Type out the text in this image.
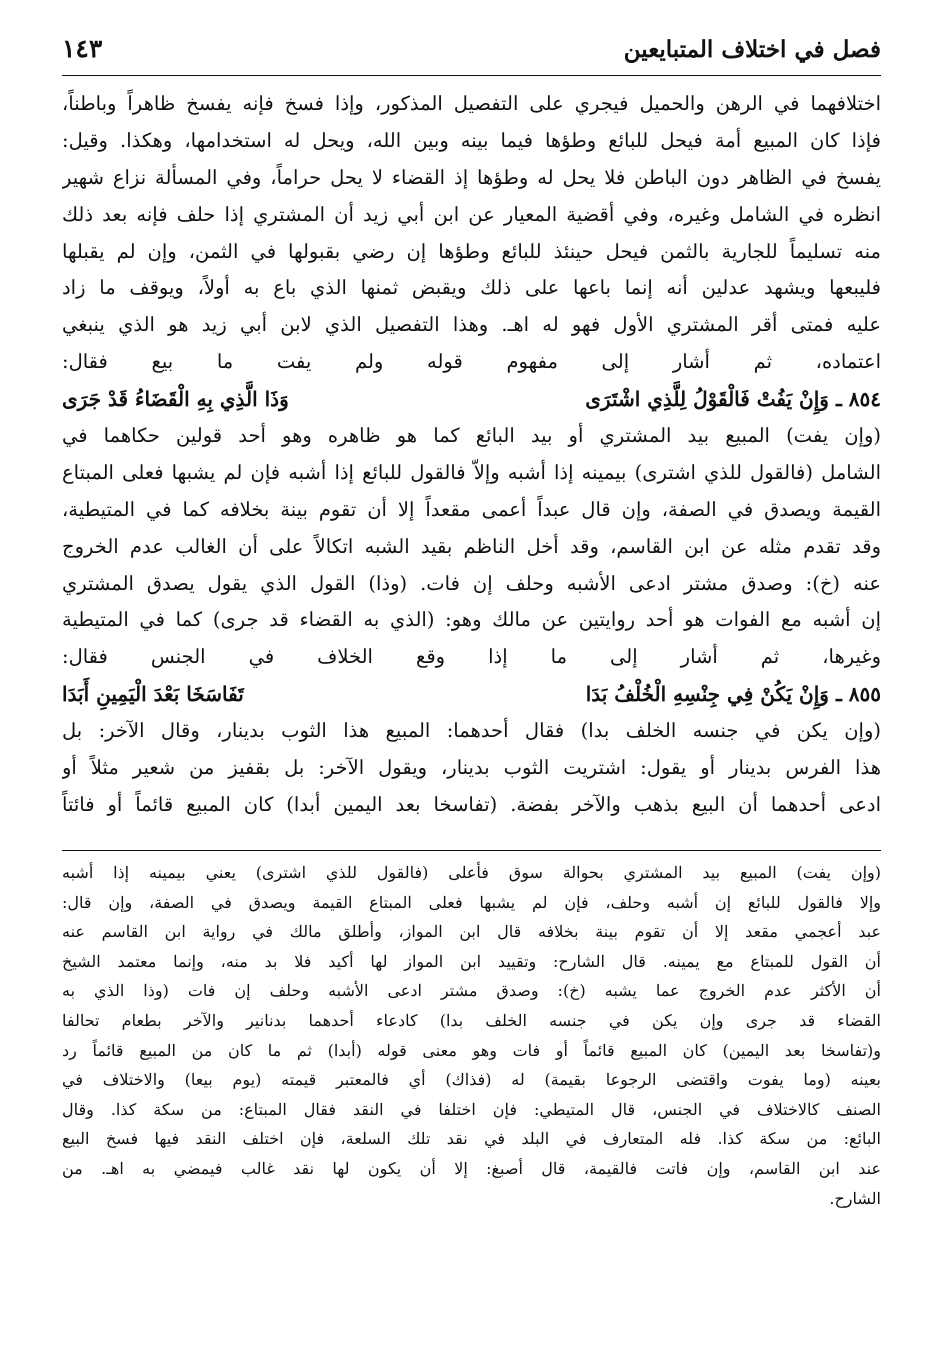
فصل في اختلاف المتبايعين
١٤٣
اختلافهما في الرهن والحميل فيجري على التفصيل المذكور، وإذا فسخ فإنه يفسخ ظاهراً وباطناً،
فإذا كان المبيع أمة فيحل للبائع وطؤها فيما بينه وبين الله، ويحل له استخدامها، وهكذا. وقيل:
يفسخ في الظاهر دون الباطن فلا يحل له وطؤها إذ القضاء لا يحل حراماً، وفي المسألة نزاع شهير
انظره في الشامل وغيره، وفي أقضية المعيار عن ابن أبي زيد أن المشتري إذا حلف فإنه بعد ذلك
منه تسليماً للجارية بالثمن فيحل حينئذ للبائع وطؤها إن رضي بقبولها في الثمن، وإن لم يقبلها
فليبعها ويشهد عدلين أنه إنما باعها على ذلك ويقبض ثمنها الذي باع به أولاً، ويوقف ما زاد
عليه فمتى أقر المشتري الأول فهو له اهـ. وهذا التفصيل الذي لابن أبي زيد هو الذي ينبغي
اعتماده، ثم أشار إلى مفهوم قوله ولم يفت ما بيع فقال:
٨٥٤ ـ وَإِنْ يَفُتْ فَالْقَوْلُ لِلَّذِي اشْتَرَى
وَذَا الَّذِي بِهِ الْقَضَاءُ قَدْ جَرَى
(وإن يفت) المبيع بيد المشتري أو بيد البائع كما هو ظاهره وهو أحد قولين حكاهما في
الشامل (فالقول للذي اشترى) بيمينه إذا أشبه وإلاّ فالقول للبائع إذا أشبه فإن لم يشبها فعلى المبتاع
القيمة ويصدق في الصفة، وإن قال عبداً أعمى مقعداً إلا أن تقوم بينة بخلافه كما في المتيطية،
وقد تقدم مثله عن ابن القاسم، وقد أخل الناظم بقيد الشبه اتكالاً على أن الغالب عدم الخروج
عنه (خ): وصدق مشتر ادعى الأشبه وحلف إن فات. (وذا) القول الذي يقول يصدق المشتري
إن أشبه مع الفوات هو أحد روايتين عن مالك وهو: (الذي به القضاء قد جرى) كما في المتيطية
وغيرها، ثم أشار إلى ما إذا وقع الخلاف في الجنس فقال:
٨٥٥ ـ وَإِنْ يَكُنْ فِي جِنْسِهِ الْخُلْفُ بَدَا
تَفَاسَخَا بَعْدَ الْيَمِينِ أَبَدَا
(وإن يكن في جنسه الخلف بدا) فقال أحدهما: المبيع هذا الثوب بدينار، وقال الآخر: بل
هذا الفرس بدينار أو يقول: اشتريت الثوب بدينار، ويقول الآخر: بل بقفيز من شعير مثلاً أو
ادعى أحدهما أن البيع بذهب والآخر بفضة. (تفاسخا بعد اليمين أبدا) كان المبيع قائماً أو فائتاً
(وإن يفت) المبيع بيد المشتري بحوالة سوق فأعلى (فالقول للذي اشترى) يعني بيمينه إذا أشبه
وإلا فالقول للبائع إن أشبه وحلف، فإن لم يشبها فعلى المبتاع القيمة ويصدق في الصفة، وإن قال:
عبد أعجمي مقعد إلا أن تقوم بينة بخلافه قال ابن المواز، وأطلق مالك في رواية ابن القاسم عنه
أن القول للمبتاع مع يمينه. قال الشارح: وتقييد ابن المواز لها أكيد فلا بد منه، وإنما معتمد الشيخ
أن الأكثر عدم الخروج عما يشبه (خ): وصدق مشتر ادعى الأشبه وحلف إن فات (وذا الذي به
القضاء قد جرى وإن يكن في جنسه الخلف بدا) كادعاء أحدهما بدنانير والآخر بطعام تحالفا
و(تفاسخا بعد اليمين) كان المبيع قائماً أو فات وهو معنى قوله (أبدا) ثم ما كان من المبيع قائماً رد
بعينه (وما يفوت واقتضى الرجوعا بقيمة) له (فذاك) أي فالمعتبر قيمته (يوم بيعا) والاختلاف في
الصنف كالاختلاف في الجنس، قال المتيطي: فإن اختلفا في النقد فقال المبتاع: من سكة كذا. وقال
البائع: من سكة كذا. فله المتعارف في البلد في نقد تلك السلعة، فإن اختلف النقد فيها فسخ البيع
عند ابن القاسم، وإن فاتت فالقيمة، قال أصبغ: إلا أن يكون لها نقد غالب فيمضي به اهـ. من
الشارح.
